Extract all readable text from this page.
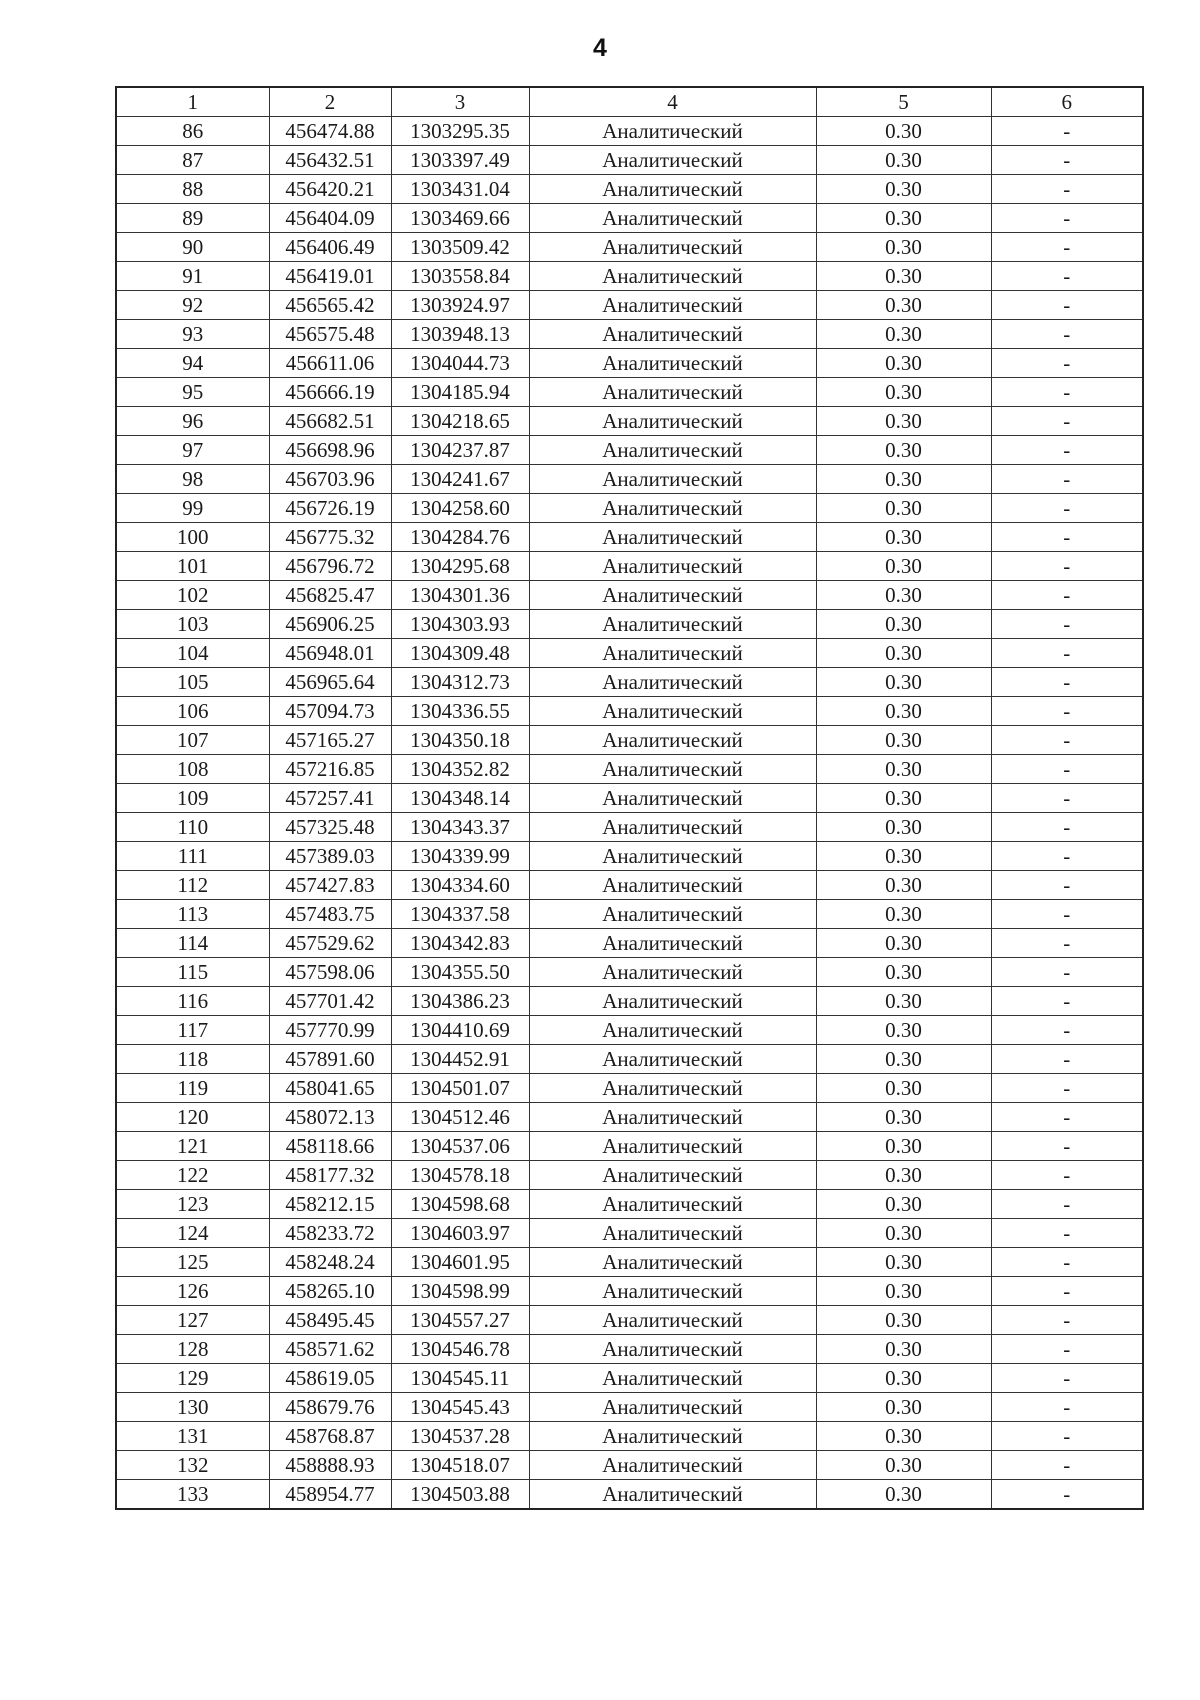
4
1	2	3	4	5	6
86	456474.88	1303295.35	Аналитический	0.30	-
87	456432.51	1303397.49	Аналитический	0.30	-
88	456420.21	1303431.04	Аналитический	0.30	-
89	456404.09	1303469.66	Аналитический	0.30	-
90	456406.49	1303509.42	Аналитический	0.30	-
91	456419.01	1303558.84	Аналитический	0.30	-
92	456565.42	1303924.97	Аналитический	0.30	-
93	456575.48	1303948.13	Аналитический	0.30	-
94	456611.06	1304044.73	Аналитический	0.30	-
95	456666.19	1304185.94	Аналитический	0.30	-
96	456682.51	1304218.65	Аналитический	0.30	-
97	456698.96	1304237.87	Аналитический	0.30	-
98	456703.96	1304241.67	Аналитический	0.30	-
99	456726.19	1304258.60	Аналитический	0.30	-
100	456775.32	1304284.76	Аналитический	0.30	-
101	456796.72	1304295.68	Аналитический	0.30	-
102	456825.47	1304301.36	Аналитический	0.30	-
103	456906.25	1304303.93	Аналитический	0.30	-
104	456948.01	1304309.48	Аналитический	0.30	-
105	456965.64	1304312.73	Аналитический	0.30	-
106	457094.73	1304336.55	Аналитический	0.30	-
107	457165.27	1304350.18	Аналитический	0.30	-
108	457216.85	1304352.82	Аналитический	0.30	-
109	457257.41	1304348.14	Аналитический	0.30	-
110	457325.48	1304343.37	Аналитический	0.30	-
111	457389.03	1304339.99	Аналитический	0.30	-
112	457427.83	1304334.60	Аналитический	0.30	-
113	457483.75	1304337.58	Аналитический	0.30	-
114	457529.62	1304342.83	Аналитический	0.30	-
115	457598.06	1304355.50	Аналитический	0.30	-
116	457701.42	1304386.23	Аналитический	0.30	-
117	457770.99	1304410.69	Аналитический	0.30	-
118	457891.60	1304452.91	Аналитический	0.30	-
119	458041.65	1304501.07	Аналитический	0.30	-
120	458072.13	1304512.46	Аналитический	0.30	-
121	458118.66	1304537.06	Аналитический	0.30	-
122	458177.32	1304578.18	Аналитический	0.30	-
123	458212.15	1304598.68	Аналитический	0.30	-
124	458233.72	1304603.97	Аналитический	0.30	-
125	458248.24	1304601.95	Аналитический	0.30	-
126	458265.10	1304598.99	Аналитический	0.30	-
127	458495.45	1304557.27	Аналитический	0.30	-
128	458571.62	1304546.78	Аналитический	0.30	-
129	458619.05	1304545.11	Аналитический	0.30	-
130	458679.76	1304545.43	Аналитический	0.30	-
131	458768.87	1304537.28	Аналитический	0.30	-
132	458888.93	1304518.07	Аналитический	0.30	-
133	458954.77	1304503.88	Аналитический	0.30	-
